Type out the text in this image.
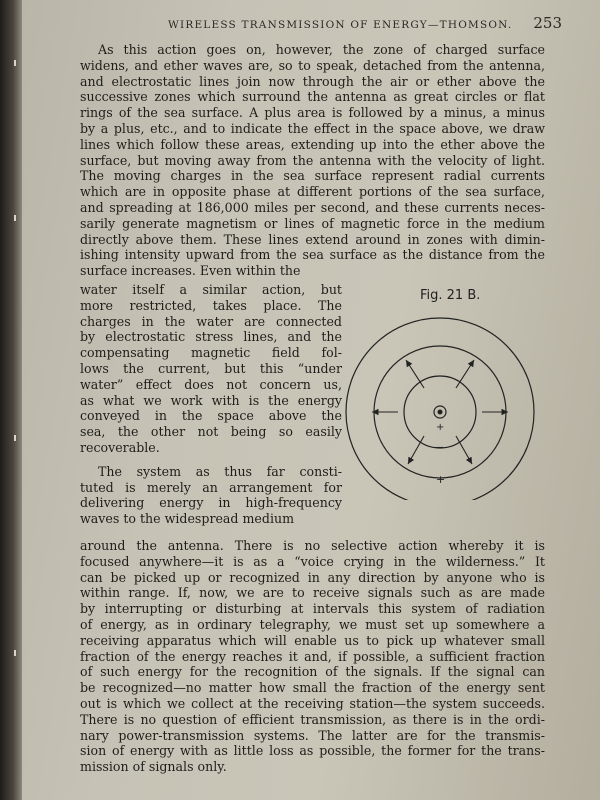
WIRELESS TRANSMISSION OF ENERGY—THOMSON. 253
As this action goes on, however, the zone of charged surface
widens, and ether waves are, so to speak, detached from the antenna,
and electrostatic lines join now through the air or ether above the
successive zones which surround the antenna as great circles or flat
rings of the sea surface. A plus area is followed by a minus, a minus
by a plus, etc., and to indicate the effect in the space above, we draw
lines which follow these areas, extending up into the ether above the
surface, but moving away from the antenna with the velocity of light.
The moving charges in the sea surface represent radial currents
which are in opposite phase at different portions of the sea surface,
and spreading at 186,000 miles per second, and these currents neces-
sarily generate magnetism or lines of magnetic force in the medium
directly above them. These lines extend around in zones with dimin-
ishing intensity upward from the sea surface as the distance from the
surface increases. Even within the
water itself a similar action, but
more restricted, takes place. The
charges in the water are connected
by electrostatic stress lines, and the
compensating magnetic field fol-
lows the current, but this “under
water” effect does not concern us,
as what we work with is the energy
conveyed in the space above the
sea, the other not being so easily
recoverable.
The system as thus far consti-
tuted is merely an arrangement for
delivering energy in high-frequency
waves to the widespread medium
around the antenna. There is no selective action whereby it is
focused anywhere—it is as a “voice crying in the wilderness.” It
can be picked up or recognized in any direction by anyone who is
within range. If, now, we are to receive signals such as are made
by interrupting or disturbing at intervals this system of radiation
of energy, as in ordinary telegraphy, we must set up somewhere a
receiving apparatus which will enable us to pick up whatever small
fraction of the energy reaches it and, if possible, a sufficient fraction
of such energy for the recognition of the signals. If the signal can
be recognized—no matter how small the fraction of the energy sent
out is which we collect at the receiving station—the system succeeds.
There is no question of efficient transmission, as there is in the ordi-
nary power-transmission systems. The latter are for the transmis-
sion of energy with as little loss as possible, the former for the trans-
mission of signals only.
Fig. 21 B.
+
—
+
